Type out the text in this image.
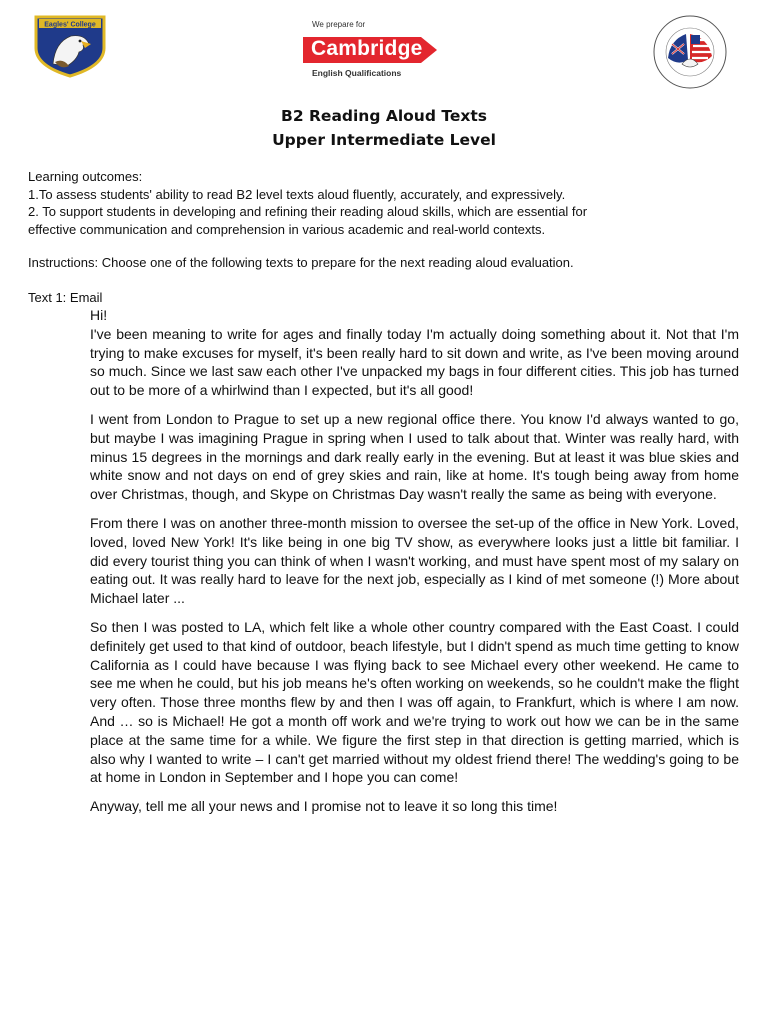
Eagles' College	We prepare for
Cambridge
English Qualifications
B2 Reading Aloud Texts
Upper Intermediate Level
Learning outcomes:
1.To assess students' ability to read B2 level texts aloud fluently, accurately, and expressively.
2. To support students in developing and refining their reading aloud skills, which are essential for
effective communication and comprehension in various academic and real-world contexts.
Instructions: Choose one of the following texts to prepare for the next reading aloud evaluation.
Text 1: Email

Hi!

I've been meaning to write for ages and finally today I'm actually doing something about it. Not that I'm trying to make excuses for myself, it's been really hard to sit down and write, as I've been moving around so much. Since we last saw each other I've unpacked my bags in four different cities. This job has turned out to be more of a whirlwind than I expected, but it's all good!

I went from London to Prague to set up a new regional office there. You know I'd always wanted to go, but maybe I was imagining Prague in spring when I used to talk about that. Winter was really hard, with minus 15 degrees in the mornings and dark really early in the evening. But at least it was blue skies and white snow and not days on end of grey skies and rain, like at home. It's tough being away from home over Christmas, though, and Skype on Christmas Day wasn't really the same as being with everyone.

From there I was on another three-month mission to oversee the set-up of the office in New York. Loved, loved, loved New York! It's like being in one big TV show, as everywhere looks just a little bit familiar. I did every tourist thing you can think of when I wasn't working, and must have spent most of my salary on eating out. It was really hard to leave for the next job, especially as I kind of met someone (!) More about Michael later ...

So then I was posted to LA, which felt like a whole other country compared with the East Coast. I could definitely get used to that kind of outdoor, beach lifestyle, but I didn't spend as much time getting to know California as I could have because I was flying back to see Michael every other weekend. He came to see me when he could, but his job means he's often working on weekends, so he couldn't make the flight very often. Those three months flew by and then I was off again, to Frankfurt, which is where I am now. And … so is Michael! He got a month off work and we're trying to work out how we can be in the same place at the same time for a while. We figure the first step in that direction is getting married, which is also why I wanted to write – I can't get married without my oldest friend there! The wedding's going to be at home in London in September and I hope you can come!

Anyway, tell me all your news and I promise not to leave it so long this time!
